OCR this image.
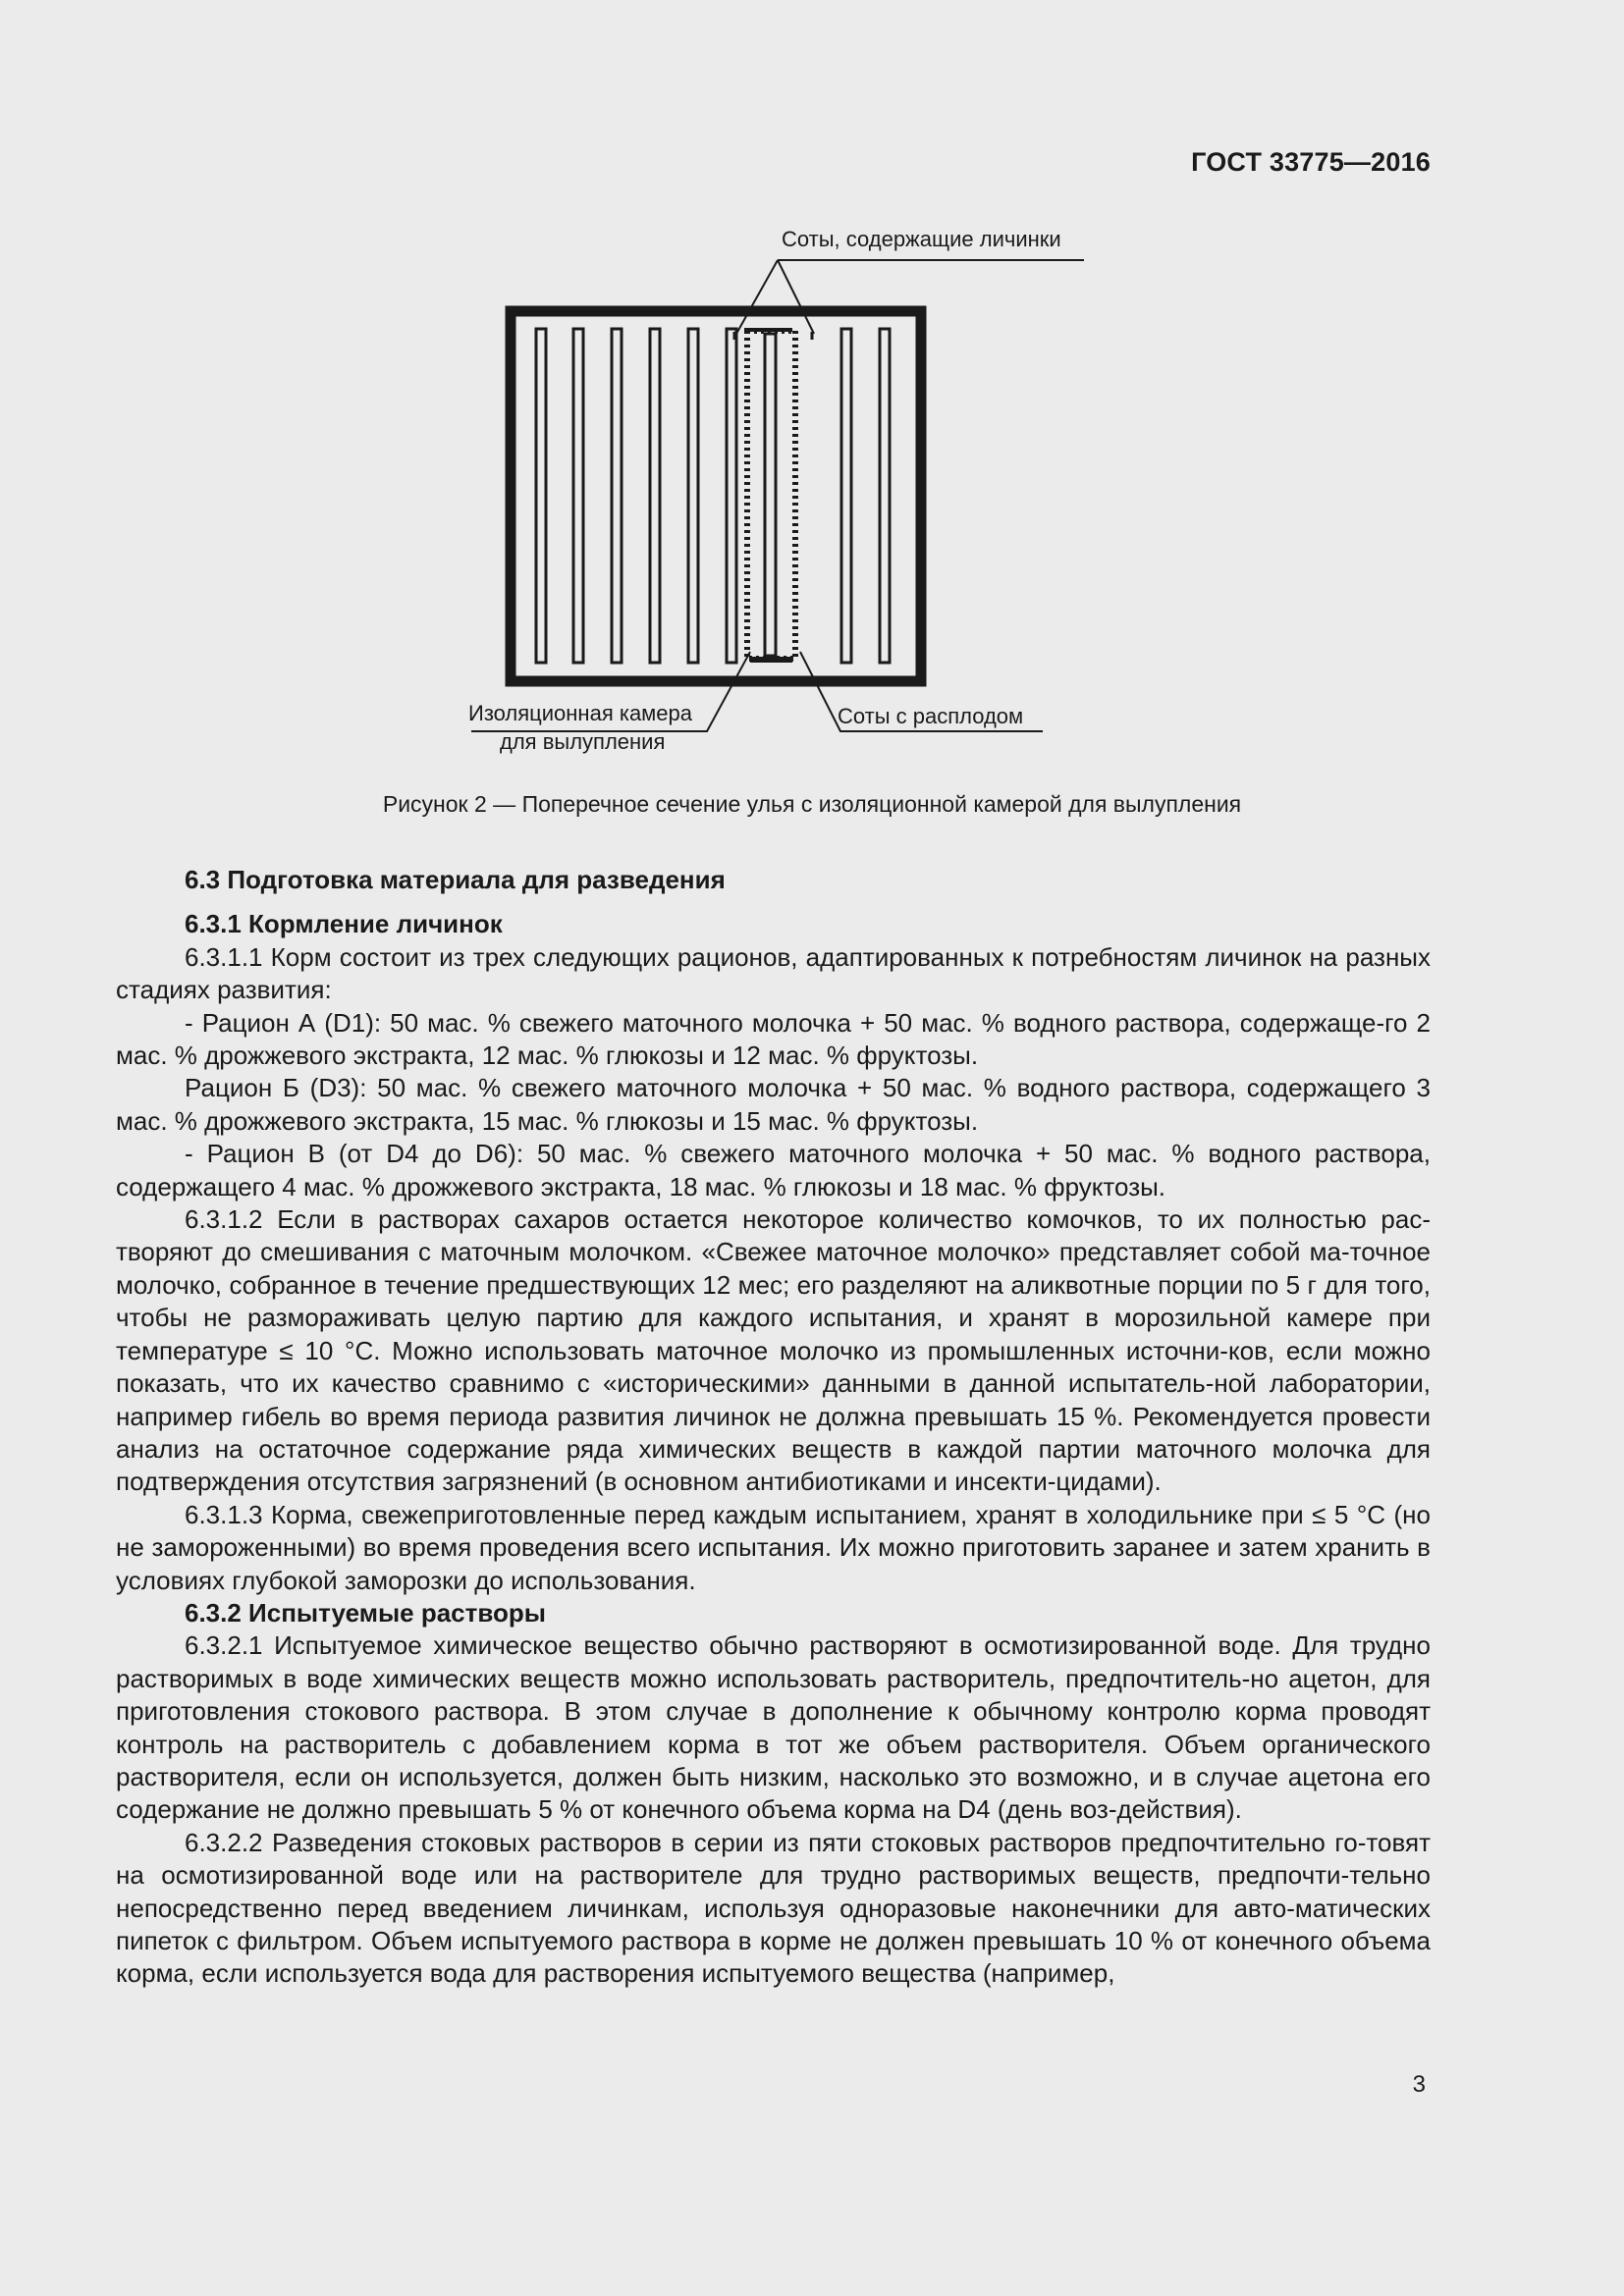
ГОСТ 33775—2016
Соты, содержащие личинки
Изоляционная камера
для вылупления
Соты с расплодом
Рисунок 2 — Поперечное сечение улья с изоляционной камерой для вылупления
6.3 Подготовка материала для разведения
6.3.1 Кормление личинок

6.3.1.1 Корм состоит из трех следующих рационов, адаптированных к потребностям личинок на разных стадиях развития:

- Рацион А (D1): 50 мас. % свежего маточного молочка + 50 мас. % водного раствора, содержаще-го 2 мас. % дрожжевого экстракта, 12 мас. % глюкозы и 12 мас. % фруктозы.

Рацион Б (D3): 50 мас. % свежего маточного молочка + 50 мас. % водного раствора, содержащего 3 мас. % дрожжевого экстракта, 15 мас. % глюкозы и 15 мас. % фруктозы.

- Рацион В (от D4 до D6): 50 мас. % свежего маточного молочка + 50 мас. % водного раствора, содержащего 4 мас. % дрожжевого экстракта, 18 мас. % глюкозы и 18 мас. % фруктозы.

6.3.1.2 Если в растворах сахаров остается некоторое количество комочков, то их полностью рас-творяют до смешивания с маточным молочком. «Свежее маточное молочко» представляет собой ма-точное молочко, собранное в течение предшествующих 12 мес; его разделяют на аликвотные порции по 5 г для того, чтобы не размораживать целую партию для каждого испытания, и хранят в морозильной камере при температуре ≤ 10 °С. Можно использовать маточное молочко из промышленных источни-ков, если можно показать, что их качество сравнимо с «историческими» данными в данной испытатель-ной лаборатории, например гибель во время периода развития личинок не должна превышать 15 %. Рекомендуется провести анализ на остаточное содержание ряда химических веществ в каждой партии маточного молочка для подтверждения отсутствия загрязнений (в основном антибиотиками и инсекти-цидами).

6.3.1.3 Корма, свежеприготовленные перед каждым испытанием, хранят в холодильнике при ≤ 5 °С (но не замороженными) во время проведения всего испытания. Их можно приготовить заранее и затем хранить в условиях глубокой заморозки до использования.

6.3.2 Испытуемые растворы

6.3.2.1 Испытуемое химическое вещество обычно растворяют в осмотизированной воде. Для трудно растворимых в воде химических веществ можно использовать растворитель, предпочтитель-но ацетон, для приготовления стокового раствора. В этом случае в дополнение к обычному контролю корма проводят контроль на растворитель с добавлением корма в тот же объем растворителя. Объем органического растворителя, если он используется, должен быть низким, насколько это возможно, и в случае ацетона его содержание не должно превышать 5 % от конечного объема корма на D4 (день воз-действия).

6.3.2.2 Разведения стоковых растворов в серии из пяти стоковых растворов предпочтительно го-товят на осмотизированной воде или на растворителе для трудно растворимых веществ, предпочти-тельно непосредственно перед введением личинкам, используя одноразовые наконечники для авто-матических пипеток с фильтром. Объем испытуемого раствора в корме не должен превышать 10 % от конечного объема корма, если используется вода для растворения испытуемого вещества (например,

3
